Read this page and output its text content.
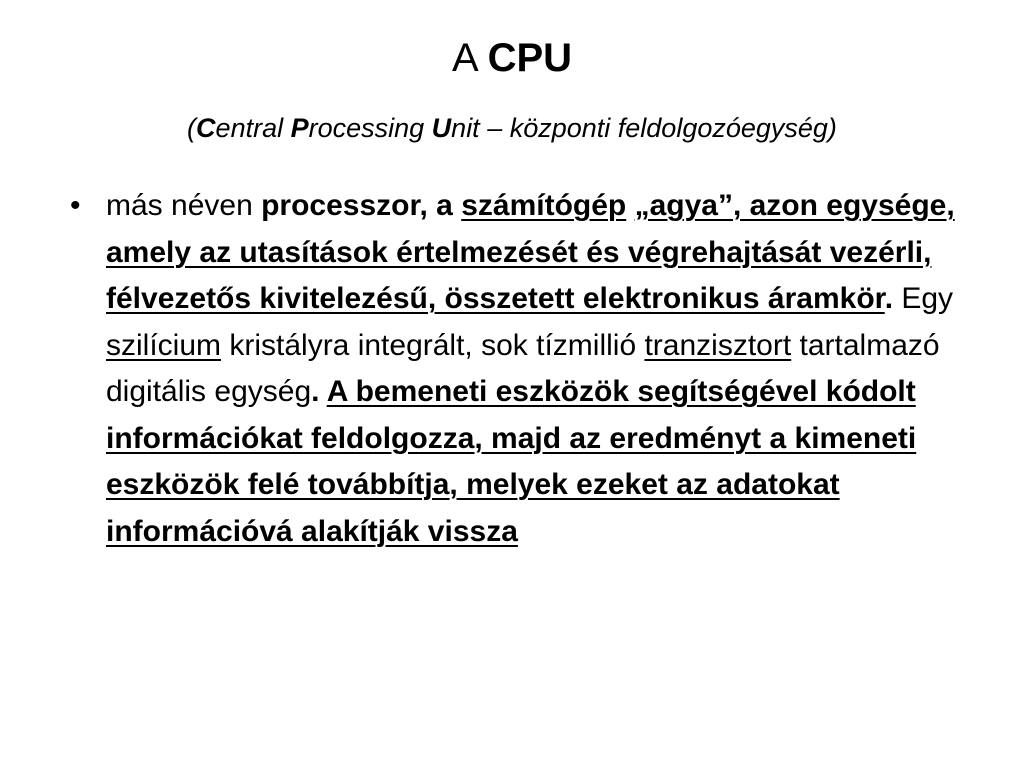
A CPU

(Central Processing Unit – központi feldolgozóegység)

• más néven processzor, a számítógép „agya”, azon egysége, amely az utasítások értelmezését és végrehajtását vezérli, félvezetős kivitelezésű, összetett elektronikus áramkör. Egy szilícium kristályra integrált, sok tízmillió tranzisztort tartalmazó digitális egység. A bemeneti eszközök segítségével kódolt információkat feldolgozza, majd az eredményt a kimeneti eszközök felé továbbítja, melyek ezeket az adatokat információvá alakítják vissza
